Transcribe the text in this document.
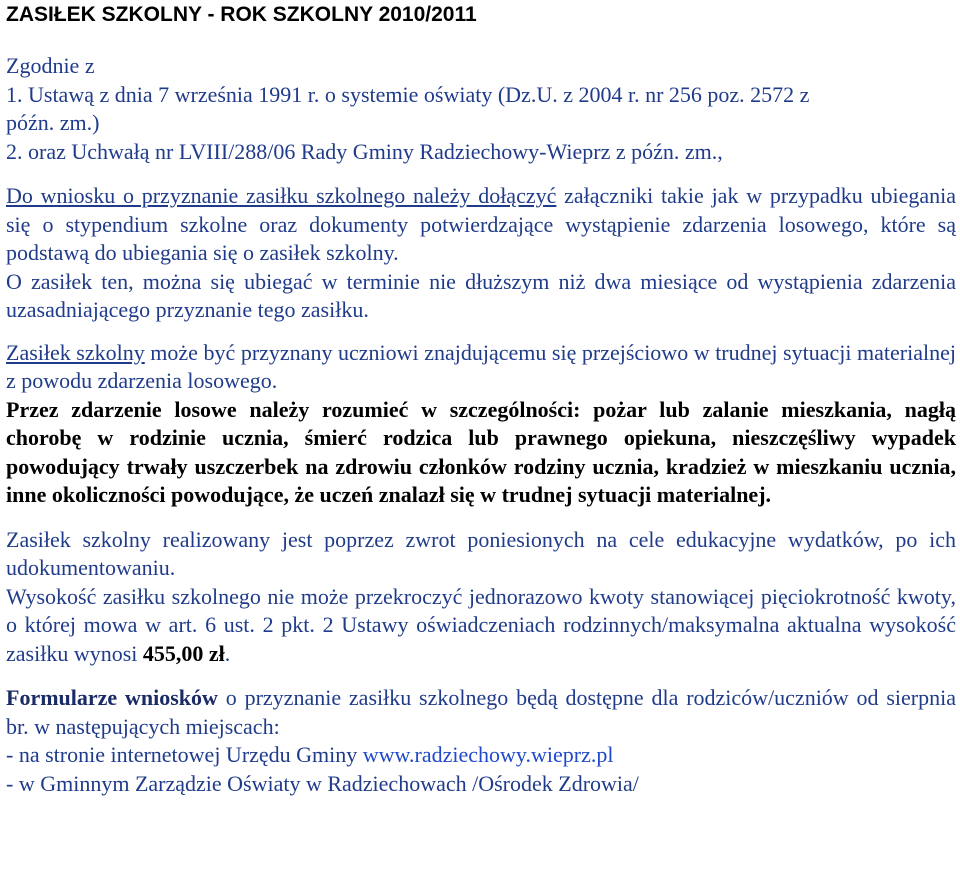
ZASIŁEK SZKOLNY - ROK SZKOLNY 2010/2011

Zgodnie z

1. Ustawą z dnia 7 września 1991 r. o systemie oświaty (Dz.U. z 2004 r. nr 256 poz. 2572 z

późn. zm.)

2. oraz Uchwałą nr LVIII/288/06 Rady Gminy Radziechowy-Wieprz z późn. zm.,

Do wniosku o przyznanie zasiłku szkolnego należy dołączyć załączniki takie jak w przypadku ubiegania się o stypendium szkolne oraz dokumenty potwierdzające wystąpienie zdarzenia losowego, które są podstawą do ubiegania się o zasiłek szkolny.

O zasiłek ten, można się ubiegać w terminie nie dłuższym niż dwa miesiące od wystąpienia zdarzenia uzasadniającego przyznanie tego zasiłku.

Zasiłek szkolny może być przyznany uczniowi znajdującemu się przejściowo w trudnej sytuacji materialnej z powodu zdarzenia losowego.

Przez zdarzenie losowe należy rozumieć w szczególności: pożar lub zalanie mieszkania, nagłą chorobę w rodzinie ucznia, śmierć rodzica lub prawnego opiekuna, nieszczęśliwy wypadek powodujący trwały uszczerbek na zdrowiu członków rodziny ucznia, kradzież w mieszkaniu ucznia, inne okoliczności powodujące, że uczeń znalazł się w trudnej sytuacji materialnej.

Zasiłek szkolny realizowany jest poprzez zwrot poniesionych na cele edukacyjne wydatków, po ich udokumentowaniu.

Wysokość zasiłku szkolnego nie może przekroczyć jednorazowo kwoty stanowiącej pięciokrotność kwoty, o której mowa w art. 6 ust. 2 pkt. 2 Ustawy oświadczeniach rodzinnych/maksymalna aktualna wysokość zasiłku wynosi 455,00 zł.

Formularze wniosków o przyznanie zasiłku szkolnego będą dostępne dla rodziców/uczniów od sierpnia br. w następujących miejscach:

- na stronie internetowej Urzędu Gminy www.radziechowy.wieprz.pl

- w Gminnym Zarządzie Oświaty w Radziechowach /Ośrodek Zdrowia/
